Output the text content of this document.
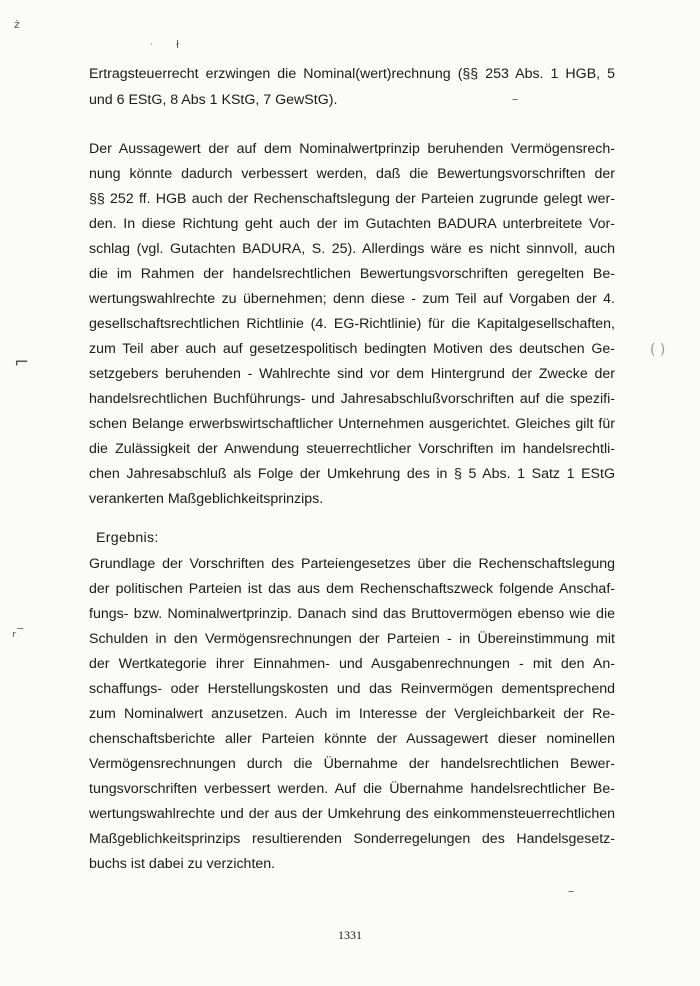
ż
ł
·
⌐
( )
ᵣ⁻
–
–
Ertragsteuerrecht erzwingen die Nominal(wert)rechnung (§§ 253 Abs. 1 HGB, 5
und 6 EStG, 8 Abs 1 KStG, 7 GewStG).
Der Aussagewert der auf dem Nominalwertprinzip beruhenden Vermögensrech-
nung könnte dadurch verbessert werden, daß die Bewertungsvorschriften der
§§ 252 ff. HGB auch der Rechenschaftslegung der Parteien zugrunde gelegt wer-
den. In diese Richtung geht auch der im Gutachten BADURA unterbreitete Vor-
schlag (vgl. Gutachten BADURA, S. 25). Allerdings wäre es nicht sinnvoll, auch
die im Rahmen der handelsrechtlichen Bewertungsvorschriften geregelten Be-
wertungswahlrechte zu übernehmen; denn diese - zum Teil auf Vorgaben der 4.
gesellschaftsrechtlichen Richtlinie (4. EG-Richtlinie) für die Kapitalgesellschaften,
zum Teil aber auch auf gesetzespolitisch bedingten Motiven des deutschen Ge-
setzgebers beruhenden - Wahlrechte sind vor dem Hintergrund der Zwecke der
handelsrechtlichen Buchführungs- und Jahresabschlußvorschriften auf die spezifi-
schen Belange erwerbswirtschaftlicher Unternehmen ausgerichtet. Gleiches gilt für
die Zulässigkeit der Anwendung steuerrechtlicher Vorschriften im handelsrechtli-
chen Jahresabschluß als Folge der Umkehrung des in § 5 Abs. 1 Satz 1 EStG
verankerten Maßgeblichkeitsprinzips.
Ergebnis:
Grundlage der Vorschriften des Parteiengesetzes über die Rechenschaftslegung
der politischen Parteien ist das aus dem Rechenschaftszweck folgende Anschaf-
fungs- bzw. Nominalwertprinzip. Danach sind das Bruttovermögen ebenso wie die
Schulden in den Vermögensrechnungen der Parteien - in Übereinstimmung mit
der Wertkategorie ihrer Einnahmen- und Ausgabenrechnungen - mit den An-
schaffungs- oder Herstellungskosten und das Reinvermögen dementsprechend
zum Nominalwert anzusetzen. Auch im Interesse der Vergleichbarkeit der Re-
chenschaftsberichte aller Parteien könnte der Aussagewert dieser nominellen
Vermögensrechnungen durch die Übernahme der handelsrechtlichen Bewer-
tungsvorschriften verbessert werden. Auf die Übernahme handelsrechtlicher Be-
wertungswahlrechte und der aus der Umkehrung des einkommensteuerrechtlichen
Maßgeblichkeitsprinzips resultierenden Sonderregelungen des Handelsgesetz-
buchs ist dabei zu verzichten.
1331
